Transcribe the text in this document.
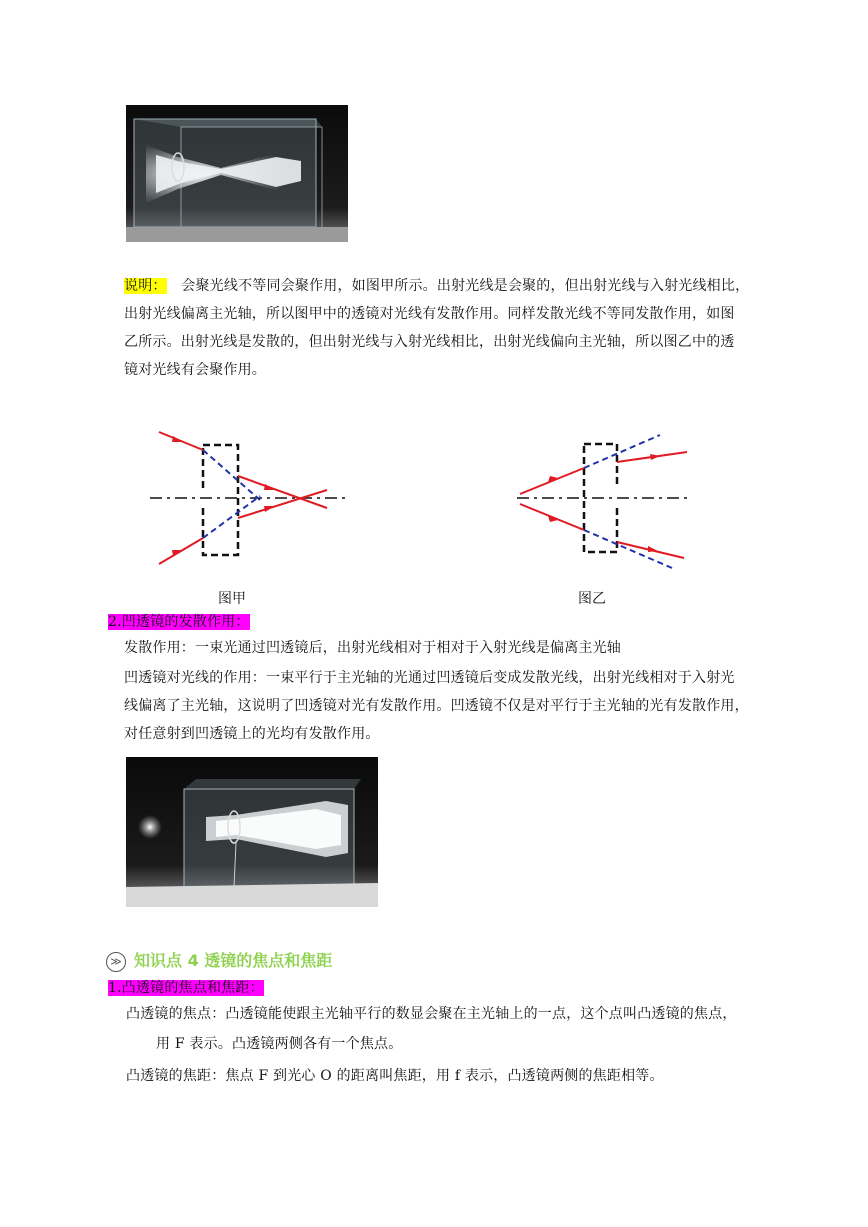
说明： 会聚光线不等同会聚作用，如图甲所示。出射光线是会聚的，但出射光线与入射光线相比，
出射光线偏离主光轴，所以图甲中的透镜对光线有发散作用。同样发散光线不等同发散作用，如图
乙所示。出射光线是发散的，但出射光线与入射光线相比，出射光线偏向主光轴，所以图乙中的透
镜对光线有会聚作用。
图甲	图乙
2.凹透镜的发散作用：
发散作用：一束光通过凹透镜后，出射光线相对于相对于入射光线是偏离主光轴
凹透镜对光线的作用：一束平行于主光轴的光通过凹透镜后变成发散光线，出射光线相对于入射光
线偏离了主光轴，这说明了凹透镜对光有发散作用。凹透镜不仅是对平行于主光轴的光有发散作用，
对任意射到凹透镜上的光均有发散作用。
≫ 知识点 4 透镜的焦点和焦距
1.凸透镜的焦点和焦距：
凸透镜的焦点：凸透镜能使跟主光轴平行的数显会聚在主光轴上的一点，这个点叫凸透镜的焦点，
用 F 表示。凸透镜两侧各有一个焦点。
凸透镜的焦距：焦点 F 到光心 O 的距离叫焦距，用 f 表示，凸透镜两侧的焦距相等。
